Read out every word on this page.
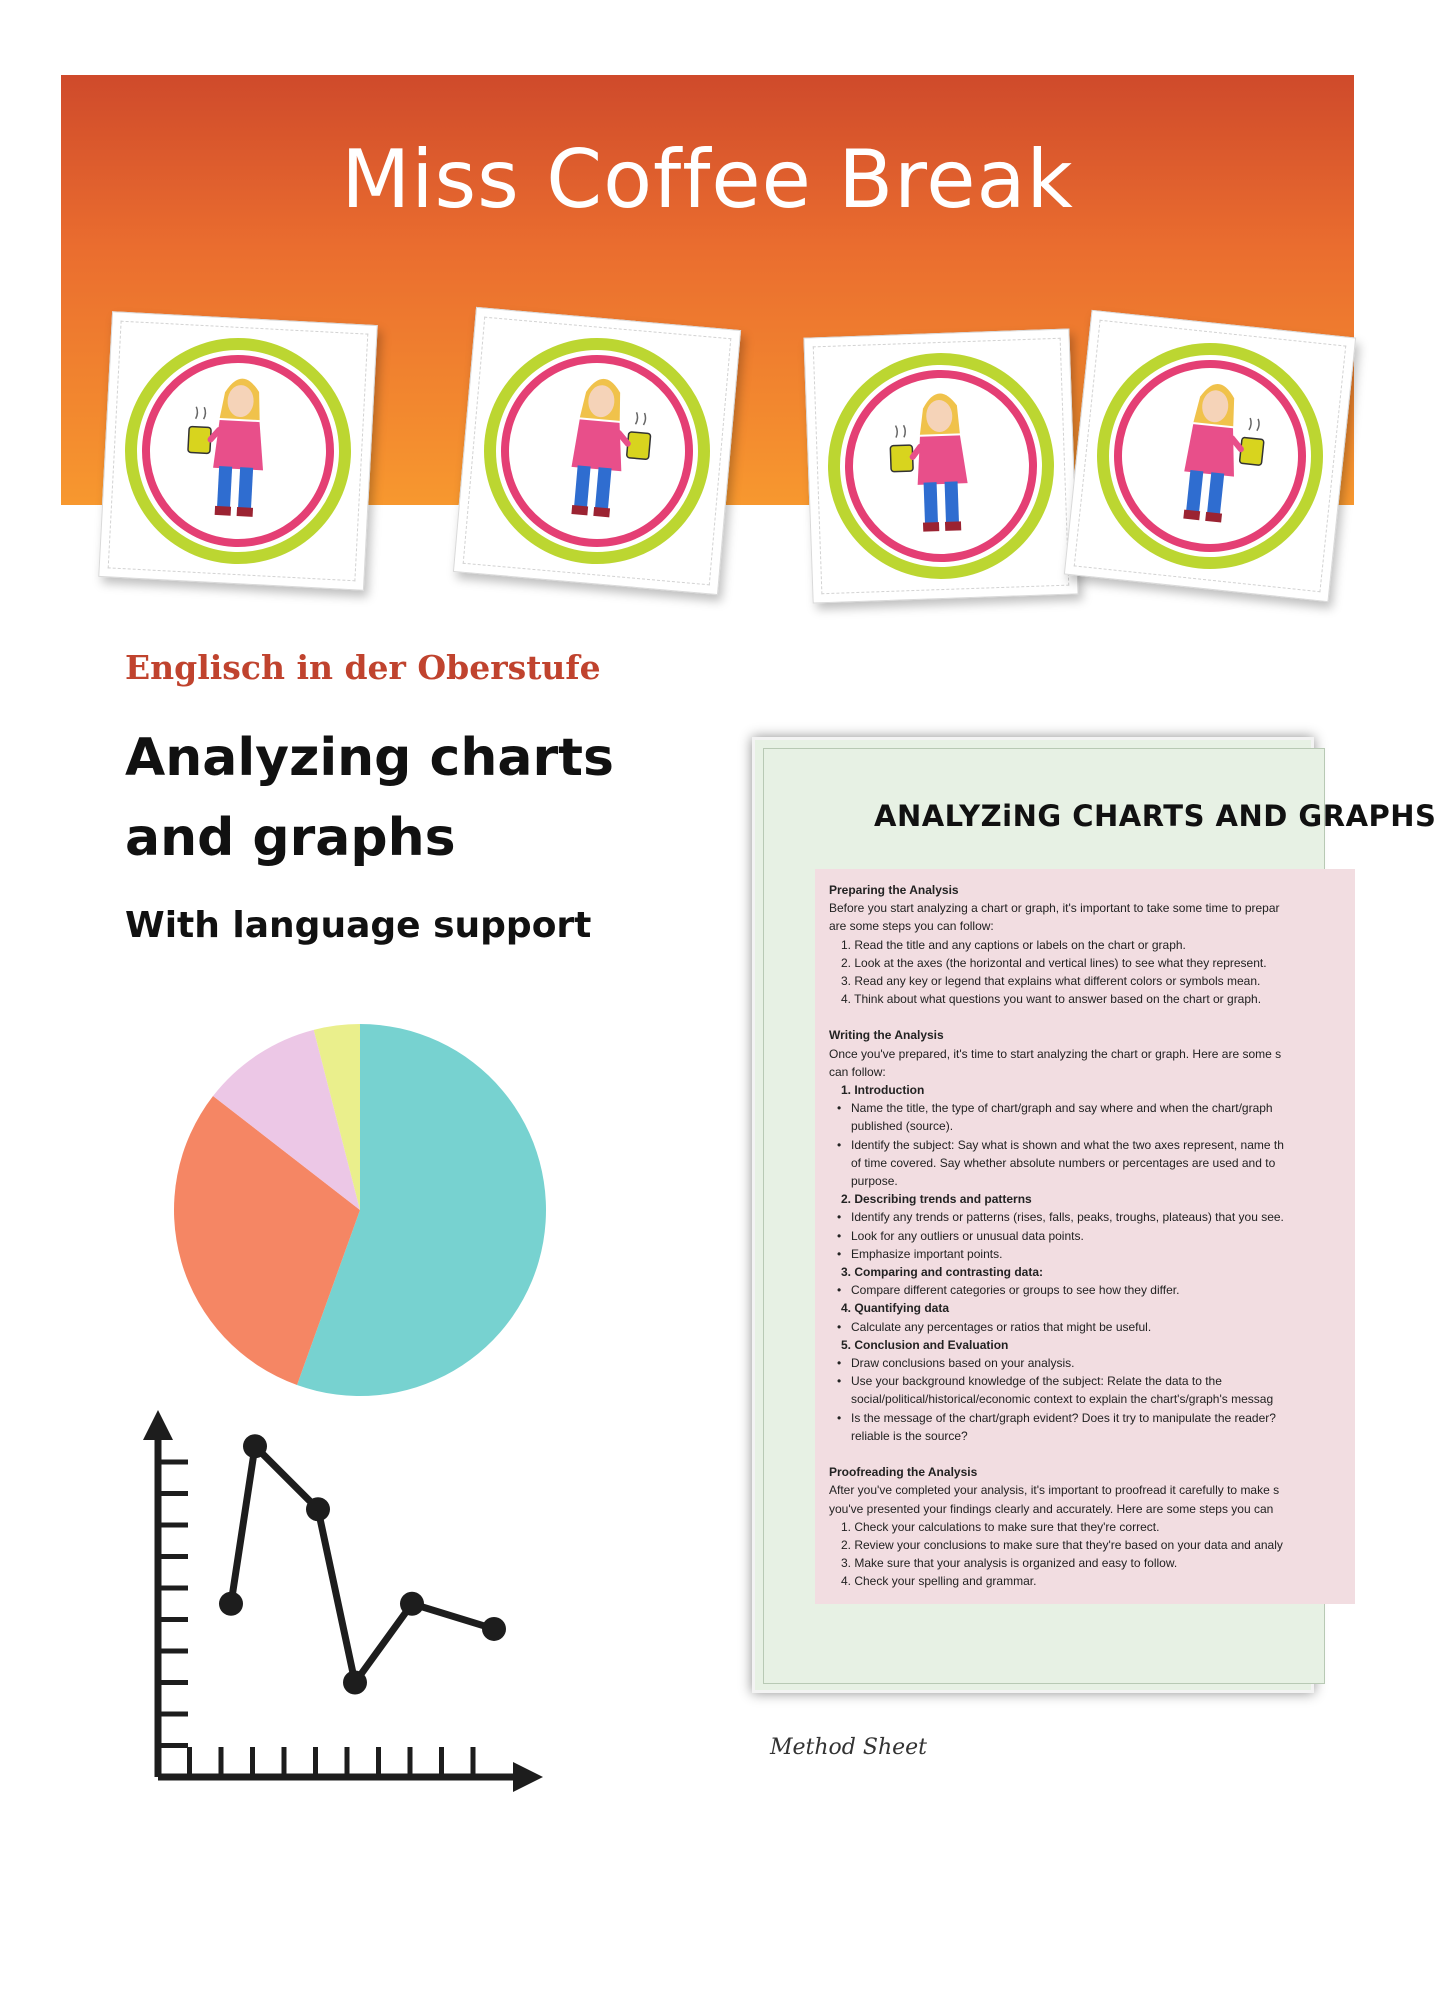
Miss Coffee Break
Englisch in der Oberstufe
Analyzing charts
and graphs
With language support
ANALYZiNG CHARTS AND GRAPHS
Preparing the Analysis
Before you start analyzing a chart or graph, it's important to take some time to prepar
are some steps you can follow:
1. Read the title and any captions or labels on the chart or graph.
2. Look at the axes (the horizontal and vertical lines) to see what they represent.
3. Read any key or legend that explains what different colors or symbols mean.
4. Think about what questions you want to answer based on the chart or graph.
Writing the Analysis
Once you've prepared, it's time to start analyzing the chart or graph. Here are some s
can follow:
1. Introduction
• Name the title, the type of chart/graph and say where and when the chart/graph
published (source).
• Identify the subject: Say what is shown and what the two axes represent, name th
of time covered. Say whether absolute numbers or percentages are used and to
purpose.
2. Describing trends and patterns
• Identify any trends or patterns (rises, falls, peaks, troughs, plateaus) that you see.
• Look for any outliers or unusual data points.
• Emphasize important points.
3. Comparing and contrasting data:
• Compare different categories or groups to see how they differ.
4. Quantifying data
• Calculate any percentages or ratios that might be useful.
5. Conclusion and Evaluation
• Draw conclusions based on your analysis.
• Use your background knowledge of the subject: Relate the data to the
social/political/historical/economic context to explain the chart's/graph's messag
• Is the message of the chart/graph evident? Does it try to manipulate the reader?
reliable is the source?
Proofreading the Analysis
After you've completed your analysis, it's important to proofread it carefully to make s
you've presented your findings clearly and accurately. Here are some steps you can
1. Check your calculations to make sure that they're correct.
2. Review your conclusions to make sure that they're based on your data and analy
3. Make sure that your analysis is organized and easy to follow.
4. Check your spelling and grammar.

Method Sheet
